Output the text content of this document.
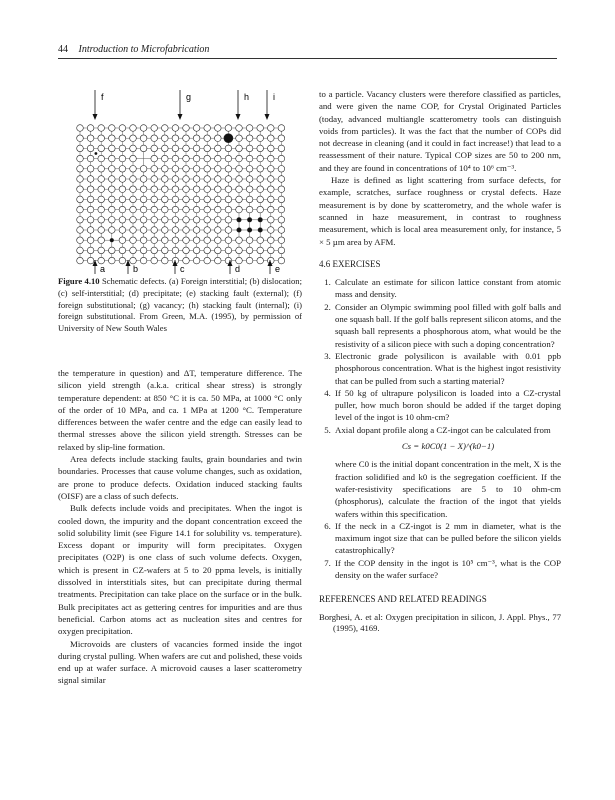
44 Introduction to Microfabrication
f	g	h	i
a	b	c	d	e
Figure 4.10 Schematic defects. (a) Foreign interstitial; (b) dislocation; (c) self-interstitial; (d) precipitate; (e) stacking fault (external); (f) foreign substitutional; (g) vacancy; (h) stacking fault (internal); (i) foreign substitutional. From Green, M.A. (1995), by permission of University of New South Wales

the temperature in question) and ΔT, temperature difference. The silicon yield strength (a.k.a. critical shear stress) is strongly temperature dependent: at 850 °C it is ca. 50 MPa, at 1000 °C only of the order of 10 MPa, and ca. 1 MPa at 1200 °C. Temperature differences between the wafer centre and the edge can easily lead to thermal stresses above the silicon yield strength. Stresses can be relaxed by slip-line formation.

Area defects include stacking faults, grain boundaries and twin boundaries. Processes that cause volume changes, such as oxidation, are prone to produce defects. Oxidation induced stacking faults (OISF) are a class of such defects.

Bulk defects include voids and precipitates. When the ingot is cooled down, the impurity and the dopant concentration exceed the solid solubility limit (see Figure 14.1 for solubility vs. temperature). Excess dopant or impurity will form precipitates. Oxygen precipitates (O2P) is one class of such volume defects. Oxygen, which is present in CZ-wafers at 5 to 20 ppma levels, is initially dissolved in interstitials sites, but can precipitate during thermal treatments. Precipitation can take place on the surface or in the bulk. Bulk precipitates act as gettering centres for impurities and are thus beneficial. Carbon atoms act as nucleation sites and centres for oxygen precipitation.

Microvoids are clusters of vacancies formed inside the ingot during crystal pulling. When wafers are cut and polished, these voids end up at wafer surface. A microvoid causes a laser scatterometry signal similar

to a particle. Vacancy clusters were therefore classified as particles, and were given the name COP, for Crystal Originated Particles (today, advanced multiangle scatterometry tools can distinguish voids from particles). It was the fact that the number of COPs did not decrease in cleaning (and it could in fact increase!) that lead to a reassessment of their nature. Typical COP sizes are 50 to 200 nm, and they are found in concentrations of 10⁴ to 10⁶ cm⁻³.

Haze is defined as light scattering from surface defects, for example, scratches, surface roughness or crystal defects. Haze measurement is by done by scatterometry, and the whole wafer is scanned in haze measurement, in contrast to roughness measurement, which is local area measurement only, for instance, 5 × 5 µm area by AFM.

4.6 EXERCISES

1. Calculate an estimate for silicon lattice constant from atomic mass and density.
2. Consider an Olympic swimming pool filled with golf balls and one squash ball. If the golf balls represent silicon atoms, and the squash ball represents a phosphorous atom, what would be the resistivity of a silicon piece with such a doping concentration?
3. Electronic grade polysilicon is available with 0.01 ppb phosphorous concentration. What is the highest ingot resistivity that can be pulled from such a starting material?
4. If 50 kg of ultrapure polysilicon is loaded into a CZ-crystal puller, how much boron should be added if the target doping level of the ingot is 10 ohm-cm?
5. Axial dopant profile along a CZ-ingot can be calculated from
Cs = k0C0(1 − X)^(k0−1)
where C0 is the initial dopant concentration in the melt, X is the fraction solidified and k0 is the segregation coefficient. If the wafer-resistivity specifications are 5 to 10 ohm-cm (phosphorus), calculate the fraction of the ingot that yields wafers within this specification.
6. If the neck in a CZ-ingot is 2 mm in diameter, what is the maximum ingot size that can be pulled before the silicon yields catastrophically?
7. If the COP density in the ingot is 10⁵ cm⁻³, what is the COP density on the wafer surface?

REFERENCES AND RELATED READINGS

Borghesi, A. et al: Oxygen precipitation in silicon, J. Appl. Phys., 77 (1995), 4169.
